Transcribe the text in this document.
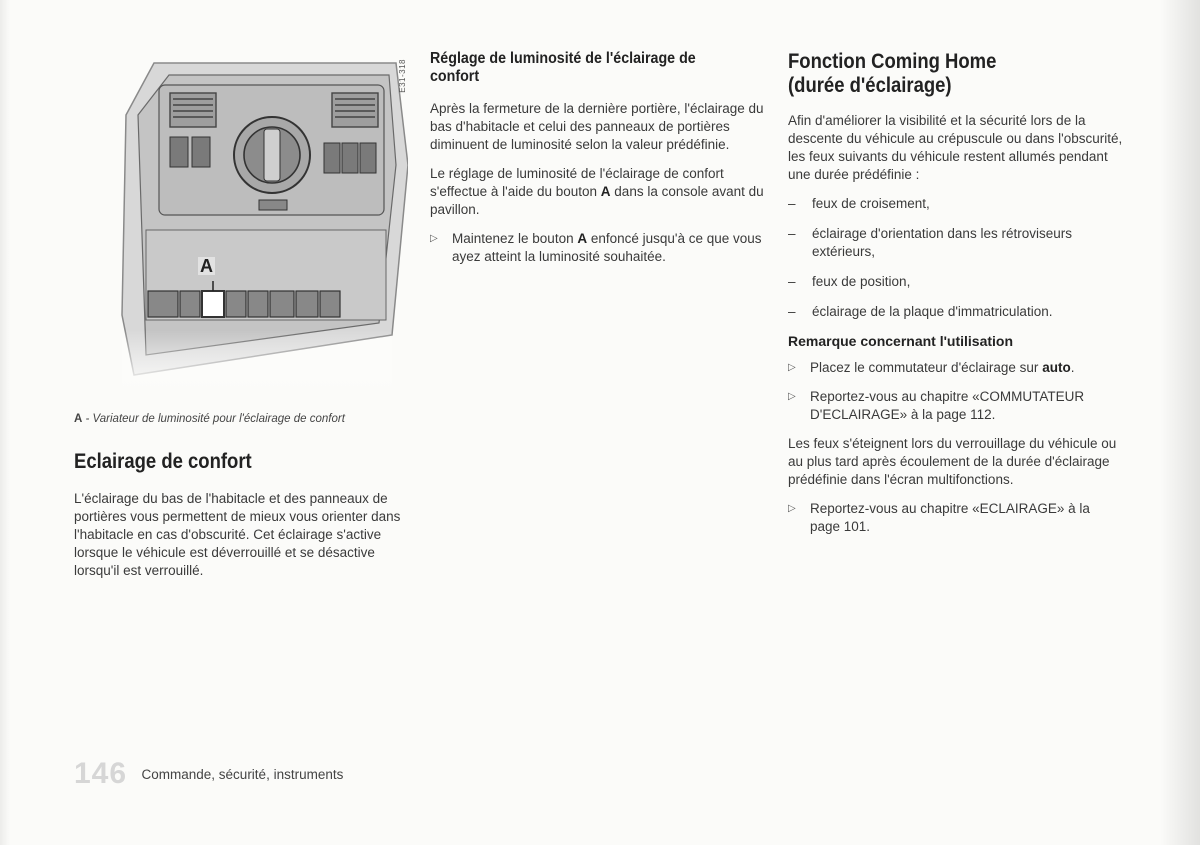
E31-318
A
A - Variateur de luminosité pour l'éclairage de confort
Eclairage de confort

L'éclairage du bas de l'habitacle et des panneaux de portières vous permettent de mieux vous orienter dans l'habitacle en cas d'obscurité. Cet éclairage s'active lorsque le véhicule est déverrouillé et se désactive lorsqu'il est verrouillé.

Réglage de luminosité de l'éclairage de confort

Après la fermeture de la dernière portière, l'éclairage du bas d'habitacle et celui des panneaux de portières diminuent de luminosité selon la valeur prédéfinie.

Le réglage de luminosité de l'éclairage de confort s'effectue à l'aide du bouton A dans la console avant du pavillon.

▷ Maintenez le bouton A enfoncé jusqu'à ce que vous ayez atteint la luminosité souhaitée.
Fonction Coming Home
(durée d'éclairage)

Afin d'améliorer la visibilité et la sécurité lors de la descente du véhicule au crépuscule ou dans l'obscurité, les feux suivants du véhicule restent allumés pendant une durée prédéfinie :

– feux de croisement,
– éclairage d'orientation dans les rétroviseurs extérieurs,
– feux de position,
– éclairage de la plaque d'immatriculation.
Remarque concernant l'utilisation
▷ Placez le commutateur d'éclairage sur auto.
▷ Reportez-vous au chapitre «COMMUTATEUR D'ECLAIRAGE» à la page 112.

Les feux s'éteignent lors du verrouillage du véhicule ou au plus tard après écoulement de la durée d'éclairage prédéfinie dans l'écran multifonctions.

▷ Reportez-vous au chapitre «ECLAIRAGE» à la page 101.
146 Commande, sécurité, instruments
